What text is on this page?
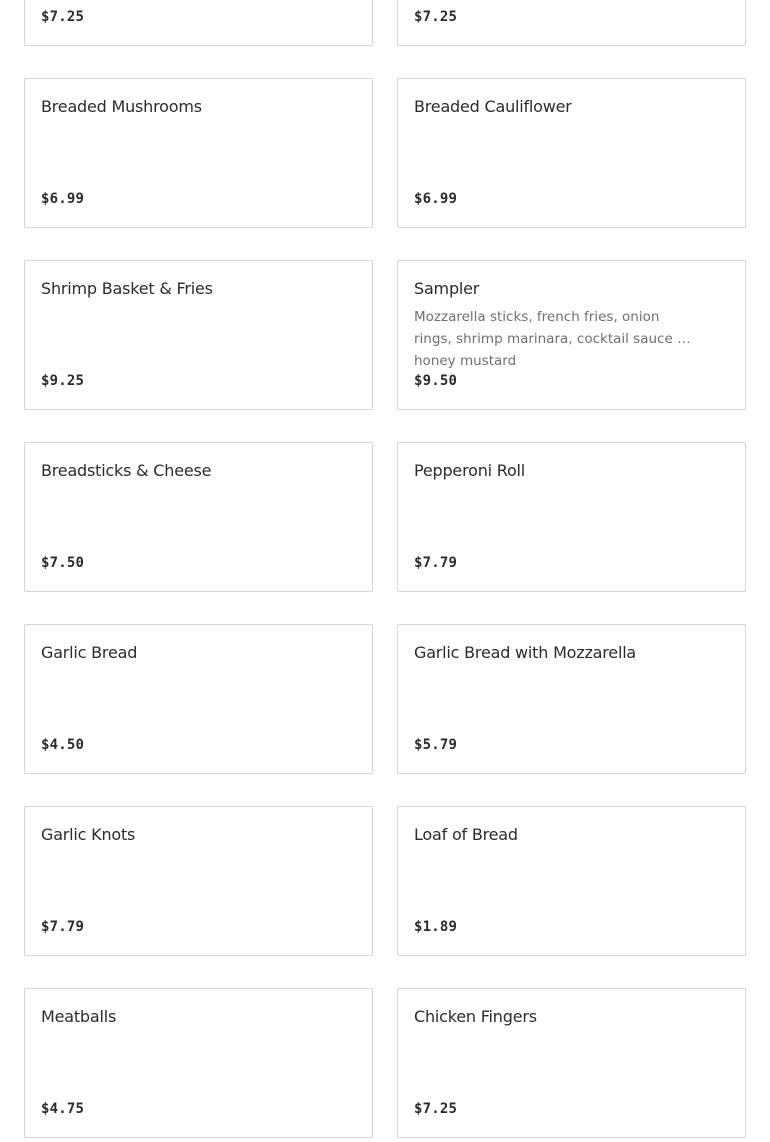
$7.25	$7.25
Breaded Mushrooms
$6.99
Breaded Cauliflower
$6.99
Shrimp Basket & Fries
$9.25
Sampler
Mozzarella sticks, french fries, onion rings, shrimp marinara, cocktail sauce & honey mustard
$9.50
Breadsticks & Cheese
$7.50
Pepperoni Roll
$7.79
Garlic Bread
$4.50
Garlic Bread with Mozzarella
$5.79
Garlic Knots
$7.79
Loaf of Bread
$1.89
Meatballs
$4.75
Chicken Fingers
$7.25
